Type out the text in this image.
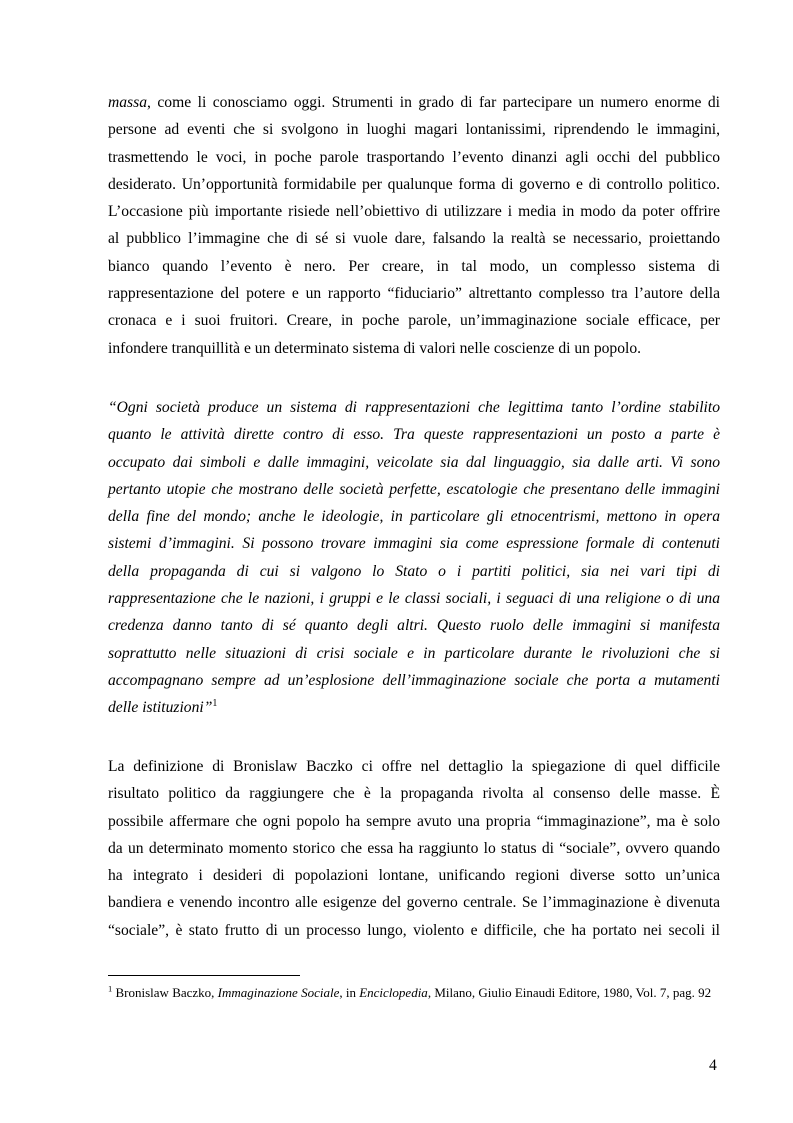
massa, come li conosciamo oggi. Strumenti in grado di far partecipare un numero enorme di
persone ad eventi che si svolgono in luoghi magari lontanissimi, riprendendo le immagini,
trasmettendo le voci, in poche parole trasportando l’evento dinanzi agli occhi del pubblico
desiderato. Un’opportunità formidabile per qualunque forma di governo e di controllo politico.
L’occasione più importante risiede nell’obiettivo di utilizzare i media in modo da poter offrire
al pubblico l’immagine che di sé si vuole dare, falsando la realtà se necessario, proiettando
bianco quando l’evento è nero. Per creare, in tal modo, un complesso sistema di
rappresentazione del potere e un rapporto “fiduciario” altrettanto complesso tra l’autore della
cronaca e i suoi fruitori. Creare, in poche parole, un’immaginazione sociale efficace, per
infondere tranquillità e un determinato sistema di valori nelle coscienze di un popolo.
“Ogni società produce un sistema di rappresentazioni che legittima tanto l’ordine stabilito
quanto le attività dirette contro di esso. Tra queste rappresentazioni un posto a parte è
occupato dai simboli e dalle immagini, veicolate sia dal linguaggio, sia dalle arti. Vi sono
pertanto utopie che mostrano delle società perfette, escatologie che presentano delle immagini
della fine del mondo; anche le ideologie, in particolare gli etnocentrismi, mettono in opera
sistemi d’immagini. Si possono trovare immagini sia come espressione formale di contenuti
della propaganda di cui si valgono lo Stato o i partiti politici, sia nei vari tipi di
rappresentazione che le nazioni, i gruppi e le classi sociali, i seguaci di una religione o di una
credenza danno tanto di sé quanto degli altri. Questo ruolo delle immagini si manifesta
soprattutto nelle situazioni di crisi sociale e in particolare durante le rivoluzioni che si
accompagnano sempre ad un’esplosione dell’immaginazione sociale che porta a mutamenti
delle istituzioni”$^1$
La definizione di Bronislaw Baczko ci offre nel dettaglio la spiegazione di quel difficile
risultato politico da raggiungere che è la propaganda rivolta al consenso delle masse. È
possibile affermare che ogni popolo ha sempre avuto una propria “immaginazione”, ma è solo
da un determinato momento storico che essa ha raggiunto lo status di “sociale”, ovvero quando
ha integrato i desideri di popolazioni lontane, unificando regioni diverse sotto un’unica
bandiera e venendo incontro alle esigenze del governo centrale. Se l’immaginazione è divenuta
“sociale”, è stato frutto di un processo lungo, violento e difficile, che ha portato nei secoli il
$^1$ Bronislaw Baczko, Immaginazione Sociale, in Enciclopedia, Milano, Giulio Einaudi Editore, 1980, Vol. 7, pag. 92
4
